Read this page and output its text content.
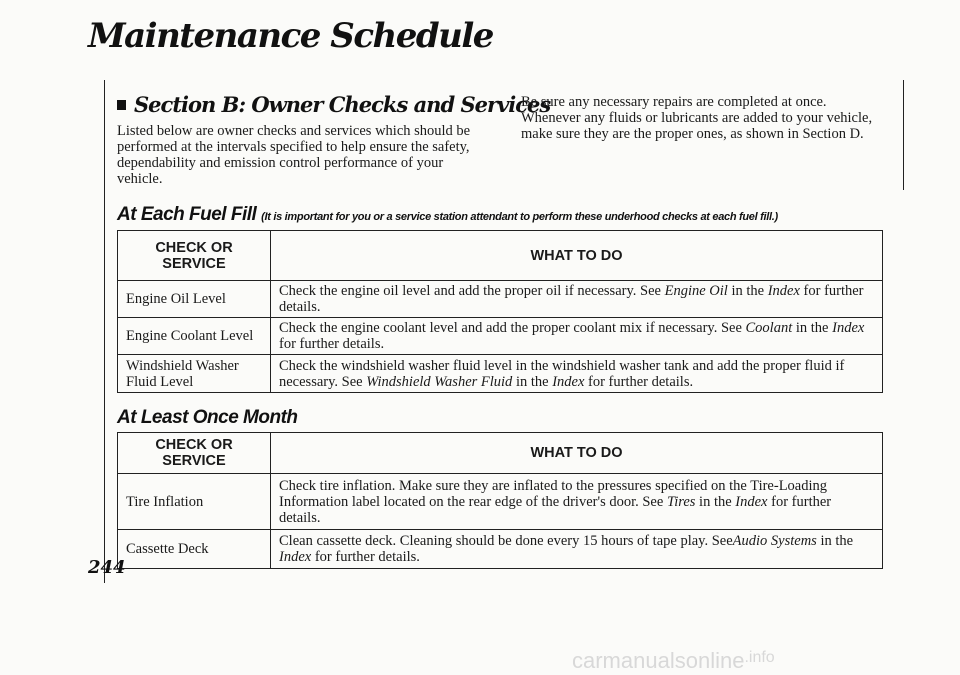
Maintenance Schedule
Section B: Owner Checks and Services
Listed below are owner checks and services which should be performed at the intervals specified to help ensure the safety, dependability and emission control performance of your vehicle.
Be sure any necessary repairs are completed at once. Whenever any fluids or lubricants are added to your vehicle, make sure they are the proper ones, as shown in Section D.
At Each Fuel Fill (It is important for you or a service station attendant to perform these underhood checks at each fuel fill.)
CHECK OR SERVICE	WHAT TO DO
Engine Oil Level	Check the engine oil level and add the proper oil if necessary. See Engine Oil in the Index for further details.
Engine Coolant Level	Check the engine coolant level and add the proper coolant mix if necessary. See Coolant in the Index for further details.
Windshield Washer Fluid Level	Check the windshield washer fluid level in the windshield washer tank and add the proper fluid if necessary. See Windshield Washer Fluid in the Index for further details.
At Least Once Month
CHECK OR SERVICE	WHAT TO DO
Tire Inflation	Check tire inflation. Make sure they are inflated to the pressures specified on the Tire-Loading Information label located on the rear edge of the driver's door. See Tires in the Index for further details.
Cassette Deck	Clean cassette deck. Cleaning should be done every 15 hours of tape play. SeeAudio Systems in the Index for further details.
244
carmanualsonline$^{.info}$
